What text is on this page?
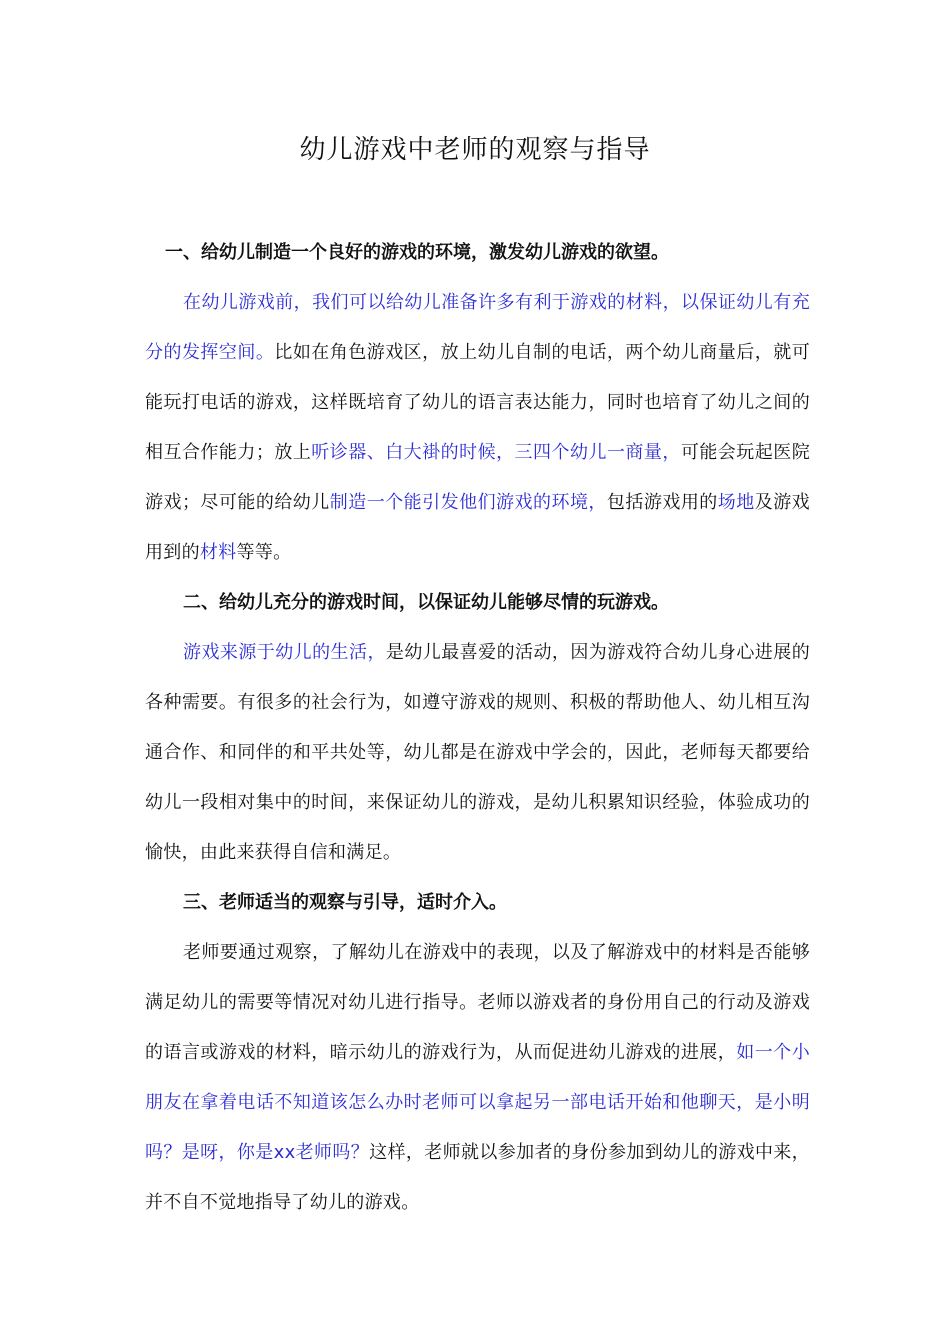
幼儿游戏中老师的观察与指导

一、给幼儿制造一个良好的游戏的环境，激发幼儿游戏的欲望。

在幼儿游戏前，我们可以给幼儿准备许多有利于游戏的材料，以保证幼儿有充分的发挥空间。比如在角色游戏区，放上幼儿自制的电话，两个幼儿商量后，就可能玩打电话的游戏，这样既培育了幼儿的语言表达能力，同时也培育了幼儿之间的相互合作能力；放上听诊器、白大褂的时候，三四个幼儿一商量，可能会玩起医院游戏；尽可能的给幼儿制造一个能引发他们游戏的环境，包括游戏用的场地及游戏用到的材料等等。

二、给幼儿充分的游戏时间，以保证幼儿能够尽情的玩游戏。

游戏来源于幼儿的生活，是幼儿最喜爱的活动，因为游戏符合幼儿身心进展的各种需要。有很多的社会行为，如遵守游戏的规则、积极的帮助他人、幼儿相互沟通合作、和同伴的和平共处等，幼儿都是在游戏中学会的，因此，老师每天都要给幼儿一段相对集中的时间，来保证幼儿的游戏，是幼儿积累知识经验，体验成功的愉快，由此来获得自信和满足。

三、老师适当的观察与引导，适时介入。

老师要通过观察，了解幼儿在游戏中的表现，以及了解游戏中的材料是否能够满足幼儿的需要等情况对幼儿进行指导。老师以游戏者的身份用自己的行动及游戏的语言或游戏的材料，暗示幼儿的游戏行为，从而促进幼儿游戏的进展，如一个小朋友在拿着电话不知道该怎么办时老师可以拿起另一部电话开始和他聊天，是小明吗？是呀，你是xx老师吗？这样，老师就以参加者的身份参加到幼儿的游戏中来，并不自不觉地指导了幼儿的游戏。
